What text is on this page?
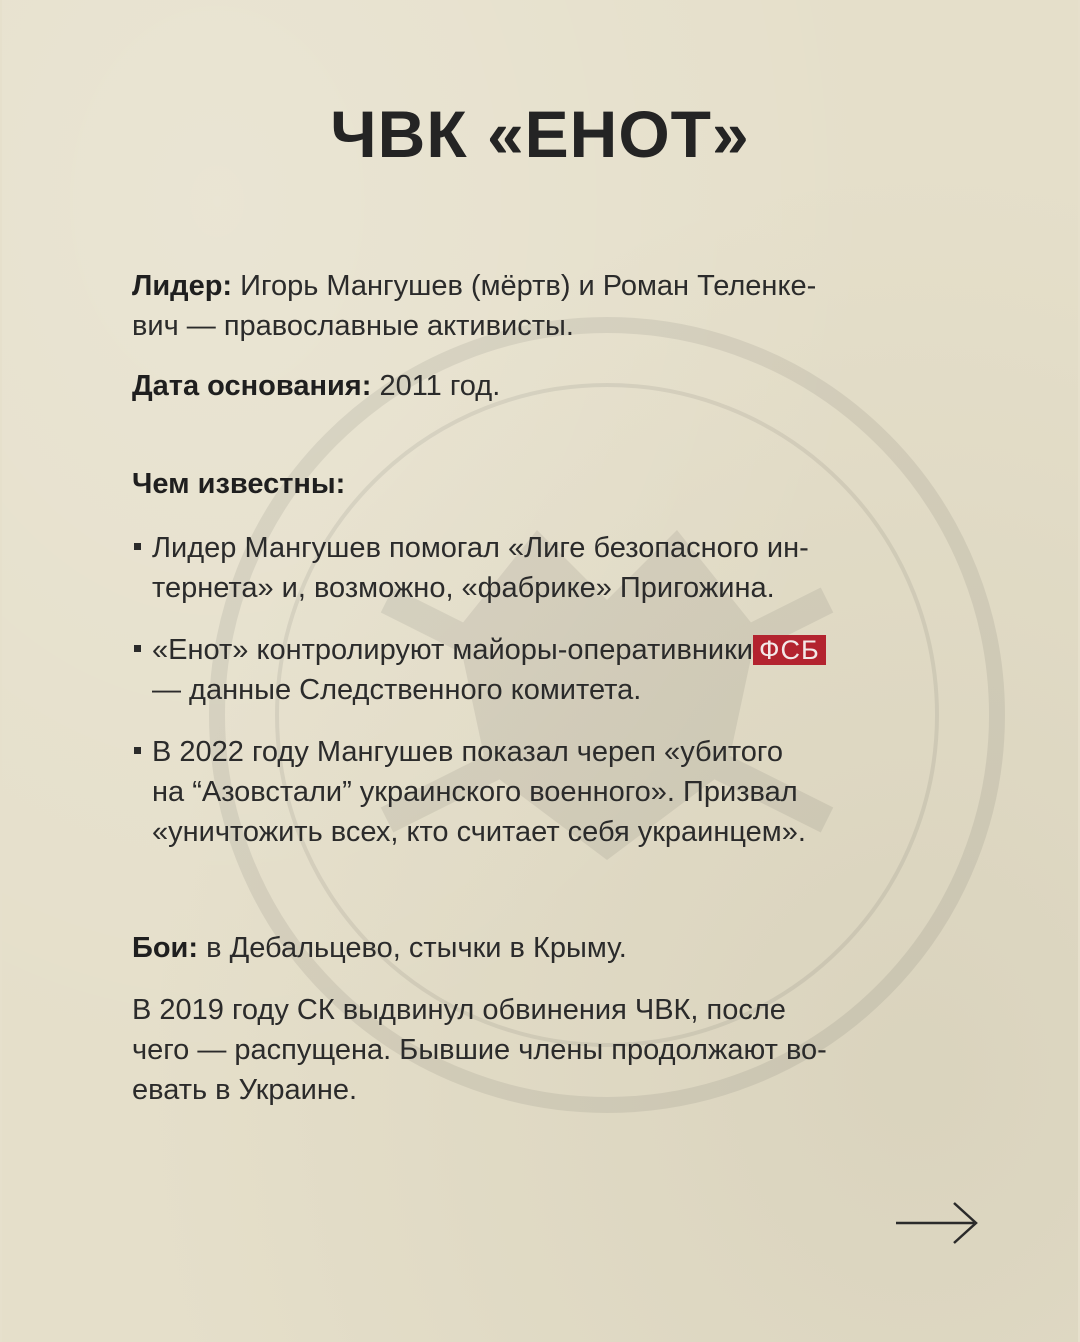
ЧВК «ЕНОТ»
Лидер: Игорь Мангушев (мёртв) и Роман Теленке-
вич — православные активисты.
Дата основания: 2011 год.
Чем известны:
Лидер Мангушев помогал «Лиге безопасного ин-
тернета» и, возможно, «фабрике» Пригожина.
«Енот» контролируют майоры-оперативники ФСБ
— данные Следственного комитета.
В 2022 году Мангушев показал череп «убитого
на “Азовстали” украинского военного». Призвал
«уничтожить всех, кто считает себя украинцем».
Бои: в Дебальцево, стычки в Крыму.
В 2019 году СК выдвинул обвинения ЧВК, после
чего — распущена. Бывшие члены продолжают во-
евать в Украине.
